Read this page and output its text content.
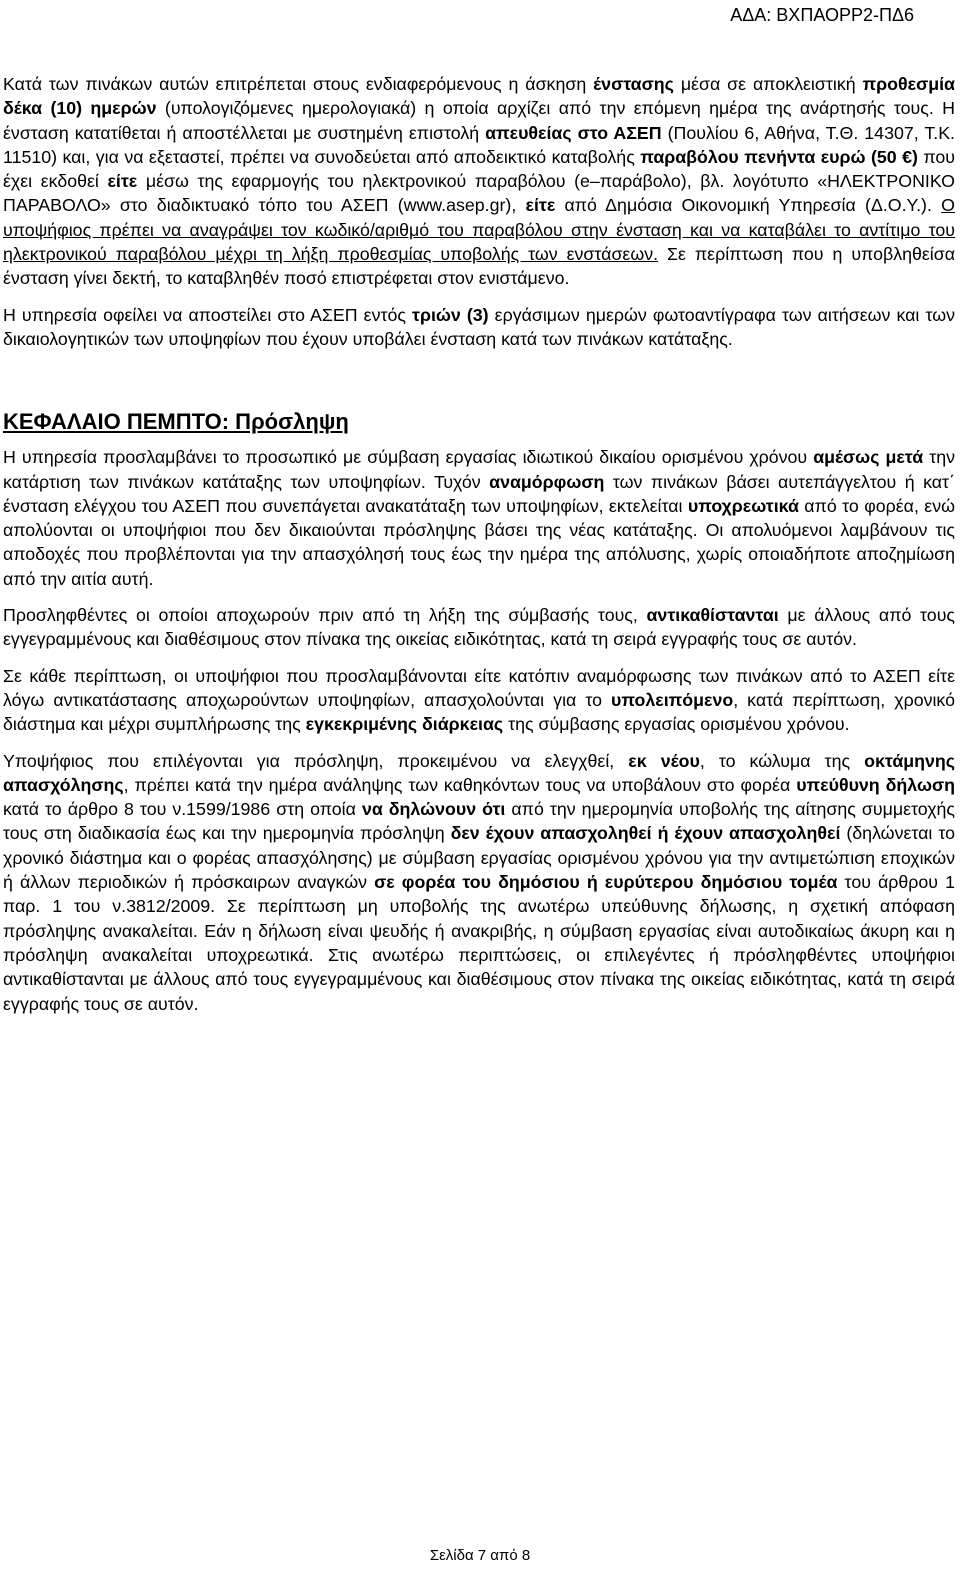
ΑΔΑ: ΒΧΠΑΟΡΡ2-ΠΔ6

Κατά των πινάκων αυτών επιτρέπεται στους ενδιαφερόμενους η άσκηση ένστασης μέσα σε αποκλειστική προθεσμία δέκα (10) ημερών (υπολογιζόμενες ημερολογιακά) η οποία αρχίζει από την επόμενη ημέρα της ανάρτησής τους. Η ένσταση κατατίθεται ή αποστέλλεται με συστημένη επιστολή απευθείας στο ΑΣΕΠ (Πουλίου 6, Αθήνα, Τ.Θ. 14307, Τ.Κ. 11510) και, για να εξεταστεί, πρέπει να συνοδεύεται από αποδεικτικό καταβολής παραβόλου πενήντα ευρώ (50 €) που έχει εκδοθεί είτε μέσω της εφαρμογής του ηλεκτρονικού παραβόλου (e–παράβολο), βλ. λογότυπο «ΗΛΕΚΤΡΟΝΙΚΟ ΠΑΡΑΒΟΛΟ» στο διαδικτυακό τόπο του ΑΣΕΠ (www.asep.gr), είτε από Δημόσια Οικονομική Υπηρεσία (Δ.Ο.Υ.). Ο υποψήφιος πρέπει να αναγράψει τον κωδικό/αριθμό του παραβόλου στην ένσταση και να καταβάλει το αντίτιμο του ηλεκτρονικού παραβόλου μέχρι τη λήξη προθεσμίας υποβολής των ενστάσεων. Σε περίπτωση που η υποβληθείσα ένσταση γίνει δεκτή, το καταβληθέν ποσό επιστρέφεται στον ενιστάμενο.

Η υπηρεσία οφείλει να αποστείλει στο ΑΣΕΠ εντός τριών (3) εργάσιμων ημερών φωτοαντίγραφα των αιτήσεων και των δικαιολογητικών των υποψηφίων που έχουν υποβάλει ένσταση κατά των πινάκων κατάταξης.

ΚΕΦΑΛΑΙΟ ΠΕΜΠΤΟ: Πρόσληψη

Η υπηρεσία προσλαμβάνει το προσωπικό με σύμβαση εργασίας ιδιωτικού δικαίου ορισμένου χρόνου αμέσως μετά την κατάρτιση των πινάκων κατάταξης των υποψηφίων. Τυχόν αναμόρφωση των πινάκων βάσει αυτεπάγγελτου ή κατ΄ ένσταση ελέγχου του ΑΣΕΠ που συνεπάγεται ανακατάταξη των υποψηφίων, εκτελείται υποχρεωτικά από το φορέα, ενώ απολύονται οι υποψήφιοι που δεν δικαιούνται πρόσληψης βάσει της νέας κατάταξης. Οι απολυόμενοι λαμβάνουν τις αποδοχές που προβλέπονται για την απασχόλησή τους έως την ημέρα της απόλυσης, χωρίς οποιαδήποτε αποζημίωση από την αιτία αυτή.

Προσληφθέντες οι οποίοι αποχωρούν πριν από τη λήξη της σύμβασής τους, αντικαθίστανται με άλλους από τους εγγεγραμμένους και διαθέσιμους στον πίνακα της οικείας ειδικότητας, κατά τη σειρά εγγραφής τους σε αυτόν.

Σε κάθε περίπτωση, οι υποψήφιοι που προσλαμβάνονται είτε κατόπιν αναμόρφωσης των πινάκων από το ΑΣΕΠ είτε λόγω αντικατάστασης αποχωρούντων υποψηφίων, απασχολούνται για το υπολειπόμενο, κατά περίπτωση, χρονικό διάστημα και μέχρι συμπλήρωσης της εγκεκριμένης διάρκειας της σύμβασης εργασίας ορισμένου χρόνου.

Υποψήφιος που επιλέγονται για πρόσληψη, προκειμένου να ελεγχθεί, εκ νέου, το κώλυμα της οκτάμηνης απασχόλησης, πρέπει κατά την ημέρα ανάληψης των καθηκόντων τους να υποβάλουν στο φορέα υπεύθυνη δήλωση κατά το άρθρο 8 του ν.1599/1986 στη οποία να δηλώνουν ότι από την ημερομηνία υποβολής της αίτησης συμμετοχής τους στη διαδικασία έως και την ημερομηνία πρόσληψη δεν έχουν απασχοληθεί ή έχουν απασχοληθεί (δηλώνεται το χρονικό διάστημα και ο φορέας απασχόλησης) με σύμβαση εργασίας ορισμένου χρόνου για την αντιμετώπιση εποχικών ή άλλων περιοδικών ή πρόσκαιρων αναγκών σε φορέα του δημόσιου ή ευρύτερου δημόσιου τομέα του άρθρου 1 παρ. 1 του ν.3812/2009. Σε περίπτωση μη υποβολής της ανωτέρω υπεύθυνης δήλωσης, η σχετική απόφαση πρόσληψης ανακαλείται. Εάν η δήλωση είναι ψευδής ή ανακριβής, η σύμβαση εργασίας είναι αυτοδικαίως άκυρη και η πρόσληψη ανακαλείται υποχρεωτικά. Στις ανωτέρω περιπτώσεις, οι επιλεγέντες ή πρόσληφθέντες υποψήφιοι αντικαθίστανται με άλλους από τους εγγεγραμμένους και διαθέσιμους στον πίνακα της οικείας ειδικότητας, κατά τη σειρά εγγραφής τους σε αυτόν.

Σελίδα 7 από 8
